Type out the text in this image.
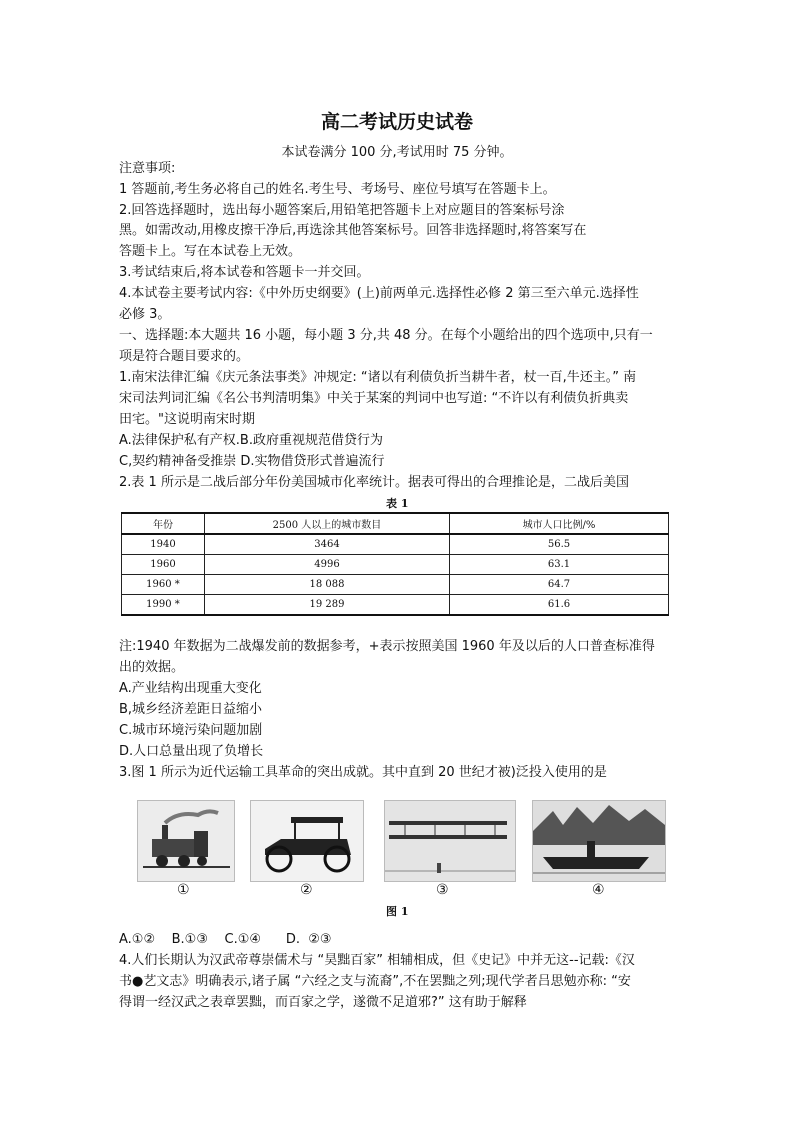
高二考试历史试卷
本试卷满分 100 分,考试用时 75 分钟。
注意事项:
1 答题前,考生务必将自己的姓名.考生号、考场号、座位号填写在答题卡上。
2.回答选择题时，选出每小题答案后,用铅笔把答题卡上对应题目的答案标号涂
黑。如需改动,用橡皮擦干净后,再选涂其他答案标号。回答非选择题时,将答案写在
答题卡上。写在本试卷上无效。
3.考试结束后,将本试卷和答题卡一并交回。
4.本试卷主要考试内容:《中外历史纲要》(上)前两单元.选择性必修 2 第三至六单元.选择性
必修 3。
一、选择题:本大题共 16 小题，每小题 3 分,共 48 分。在每个小题给出的四个选项中,只有一
项是符合题目要求的。
1.南宋法律汇编《庆元条法事类》冲规定: “诸以有利债负折当耕牛者，杖一百,牛还主。” 南
宋司法判词汇编《名公书判清明集》中关于某案的判词中也写道: “不许以有利债负折典卖
田宅。"这说明南宋时期
A.法律保护私有产权.B.政府重视规范借贷行为
C,契约精神备受推崇 D.实物借贷形式普遍流行
2.表 1 所示是二战后部分年份美国城市化率统计。据表可得出的合理推论是，二战后美国
表 1
年份	2500 人以上的城市数目	城市人口比例/%
1940	3464	56.5
1960	4996	63.1
1960 *	18 088	64.7
1990 *	19 289	61.6
注:1940 年数据为二战爆发前的数据参考，+表示按照美国 1960 年及以后的人口普查标准得
出的效据。
A.产业结构出现重大变化
B,城乡经济差距日益缩小
C.城市环境污染问题加剧
D.人口总量出现了负增长
3.图 1 所示为近代运输工具革命的突出成就。其中直到 20 世纪才被)泛投入使用的是
①	②	③	④
图 1
A.①②    B.①③    C.①④      D.  ②③
4.人们长期认为汉武帝尊崇儒术与 “昊黜百家” 相辅相成，但《史记》中并无这--记载:《汉
书●艺文志》明确表示,诸子属 “六经之支与流裔”,不在罢黜之列;现代学者吕思勉亦称: “安
得谓一经汉武之表章罢黜，而百家之学，遂微不足道邪?” 这有助于解释
